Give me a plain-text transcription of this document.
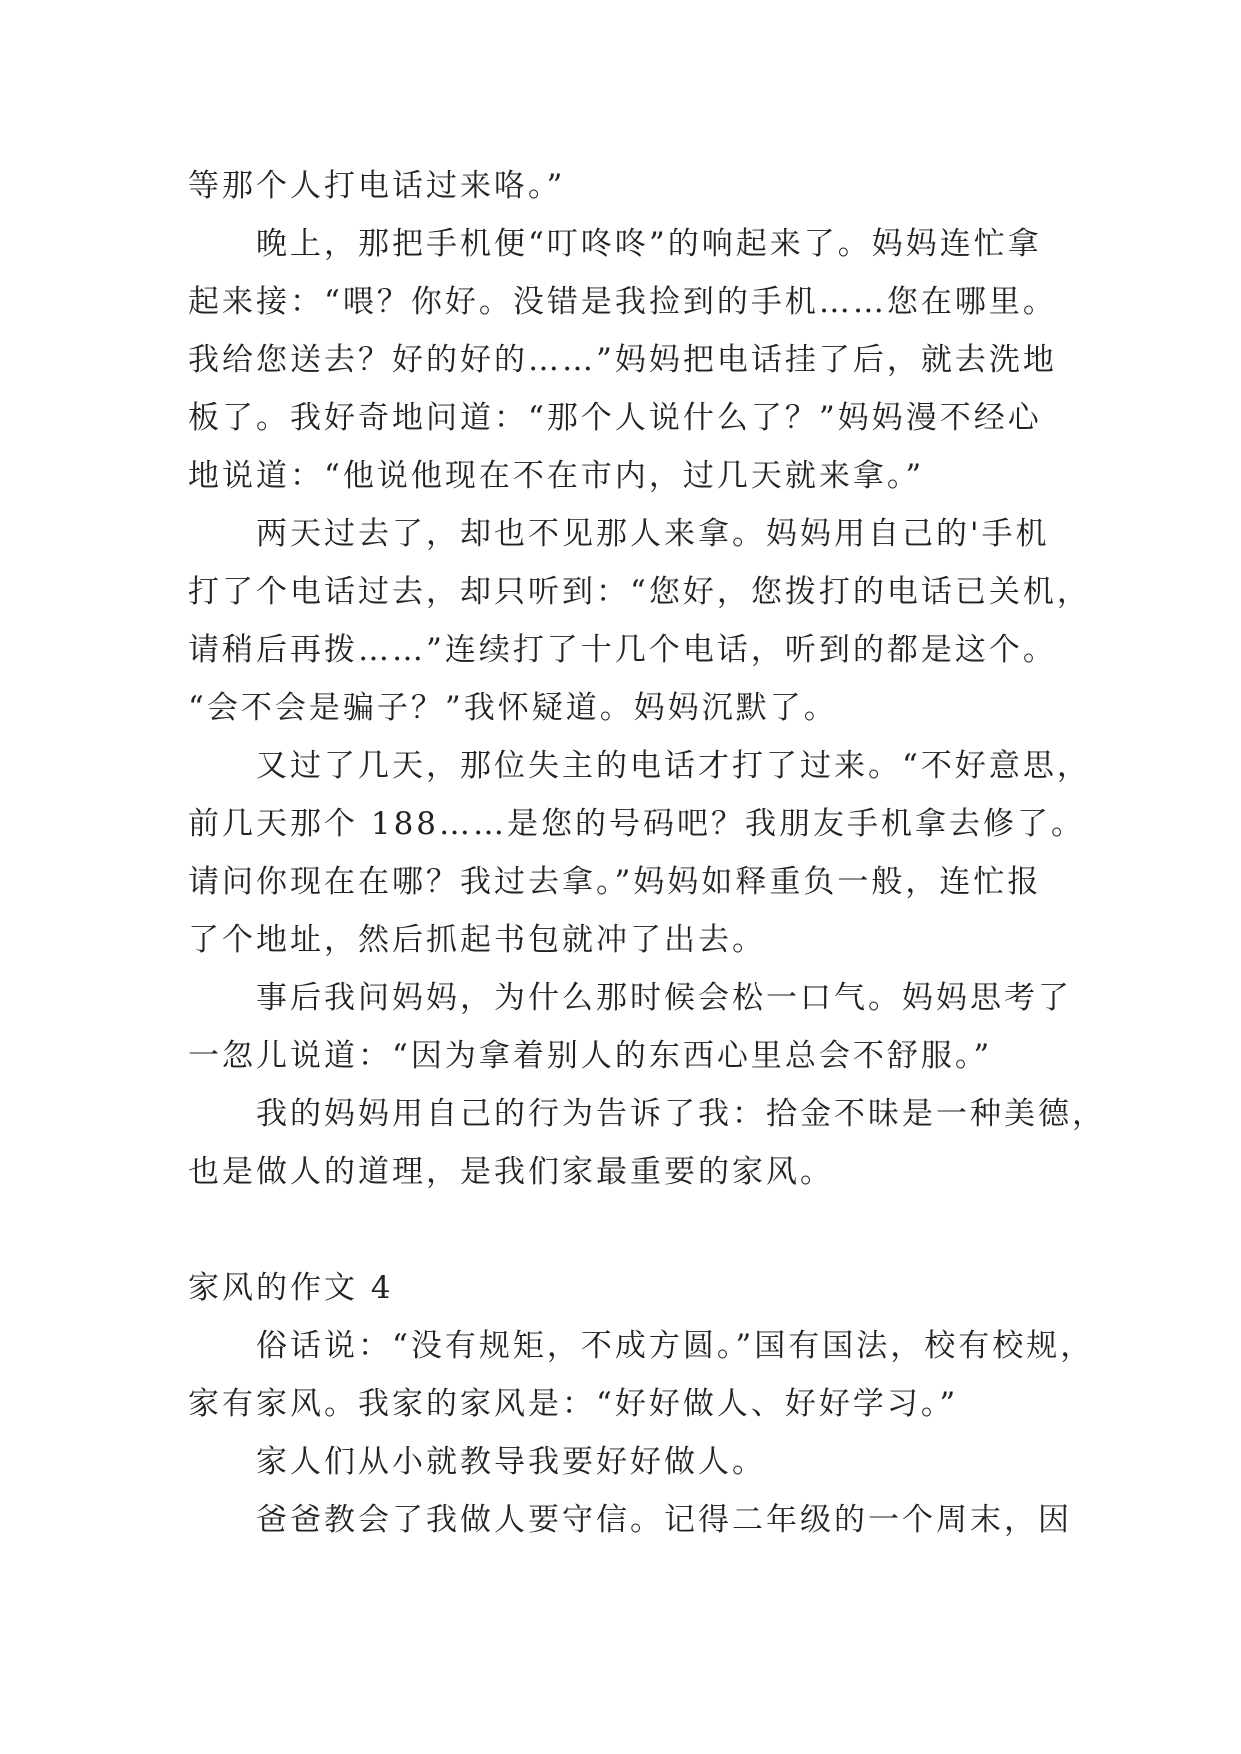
等那个人打电话过来咯。”
晚上，那把手机便“叮咚咚”的响起来了。妈妈连忙拿
起来接：“喂？你好。没错是我捡到的手机……您在哪里。
我给您送去？好的好的……”妈妈把电话挂了后，就去洗地
板了。我好奇地问道：“那个人说什么了？”妈妈漫不经心
地说道：“他说他现在不在市内，过几天就来拿。”
两天过去了，却也不见那人来拿。妈妈用自己的'手机
打了个电话过去，却只听到：“您好，您拨打的电话已关机，
请稍后再拨……”连续打了十几个电话，听到的都是这个。
“会不会是骗子？”我怀疑道。妈妈沉默了。
又过了几天，那位失主的电话才打了过来。“不好意思，
前几天那个 188……是您的号码吧？我朋友手机拿去修了。
请问你现在在哪？我过去拿。”妈妈如释重负一般，连忙报
了个地址，然后抓起书包就冲了出去。
事后我问妈妈，为什么那时候会松一口气。妈妈思考了
一忽儿说道：“因为拿着别人的东西心里总会不舒服。”
我的妈妈用自己的行为告诉了我：拾金不昧是一种美德，
也是做人的道理，是我们家最重要的家风。
家风的作文 4
俗话说：“没有规矩，不成方圆。”国有国法，校有校规，
家有家风。我家的家风是：“好好做人、好好学习。”
家人们从小就教导我要好好做人。
爸爸教会了我做人要守信。记得二年级的一个周末，因
